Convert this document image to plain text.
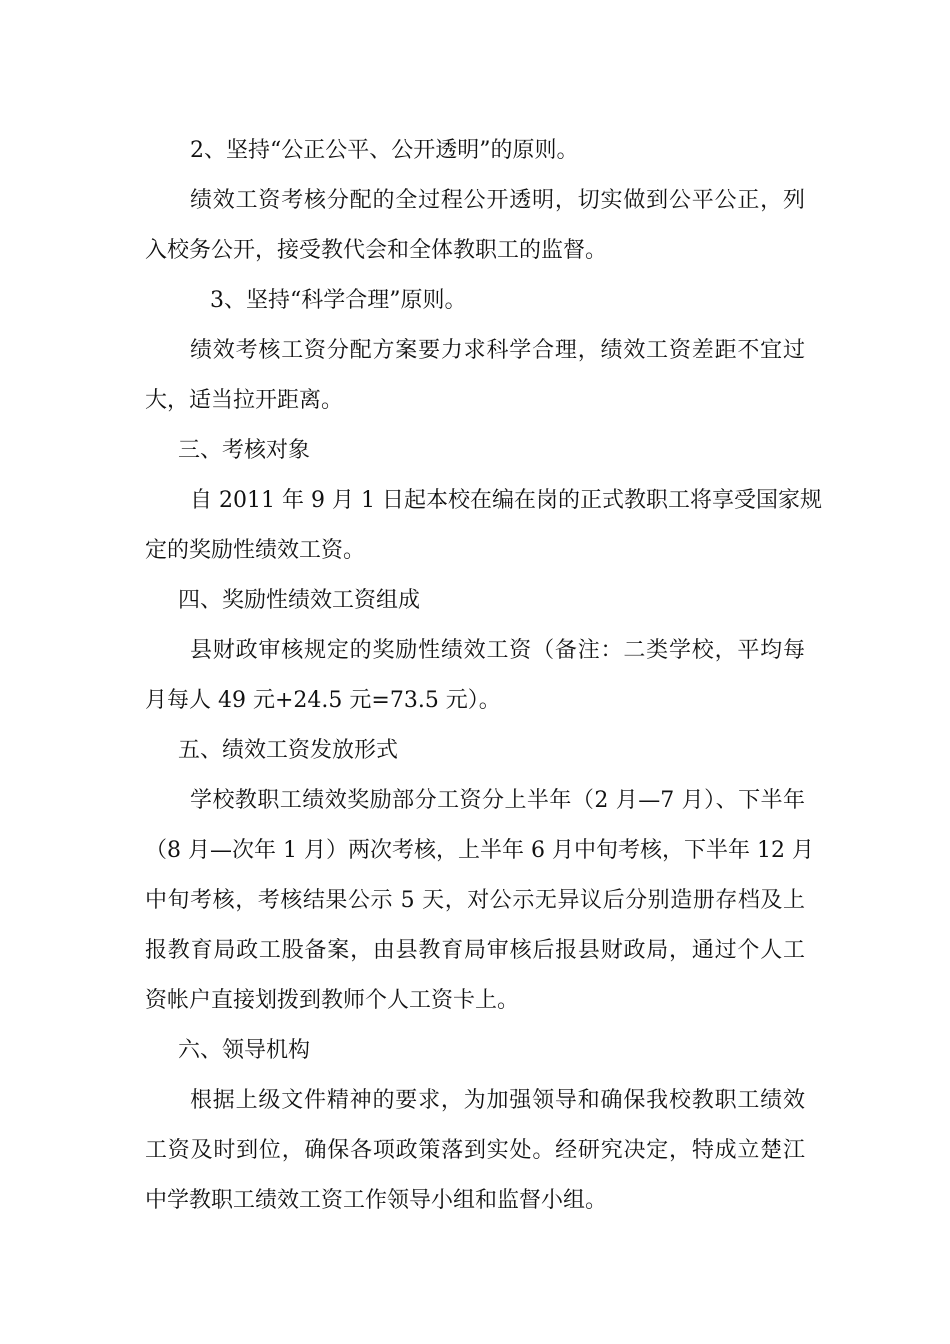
2、坚持“公正公平、公开透明”的原则。
绩效工资考核分配的全过程公开透明，切实做到公平公正，列
入校务公开，接受教代会和全体教职工的监督。
3、坚持“科学合理”原则。
绩效考核工资分配方案要力求科学合理，绩效工资差距不宜过
大，适当拉开距离。
三、考核对象
自 2011 年 9 月 1 日起本校在编在岗的正式教职工将享受国家规
定的奖励性绩效工资。
四、奖励性绩效工资组成
县财政审核规定的奖励性绩效工资（备注：二类学校，平均每
月每人 49 元+24.5 元=73.5 元）。
五、绩效工资发放形式
学校教职工绩效奖励部分工资分上半年（2 月—7 月）、下半年
（8 月—次年 1 月）两次考核，上半年 6 月中旬考核，下半年 12 月
中旬考核，考核结果公示 5 天，对公示无异议后分别造册存档及上
报教育局政工股备案，由县教育局审核后报县财政局，通过个人工
资帐户直接划拨到教师个人工资卡上。
六、领导机构
根据上级文件精神的要求，为加强领导和确保我校教职工绩效
工资及时到位，确保各项政策落到实处。经研究决定，特成立楚江
中学教职工绩效工资工作领导小组和监督小组。
